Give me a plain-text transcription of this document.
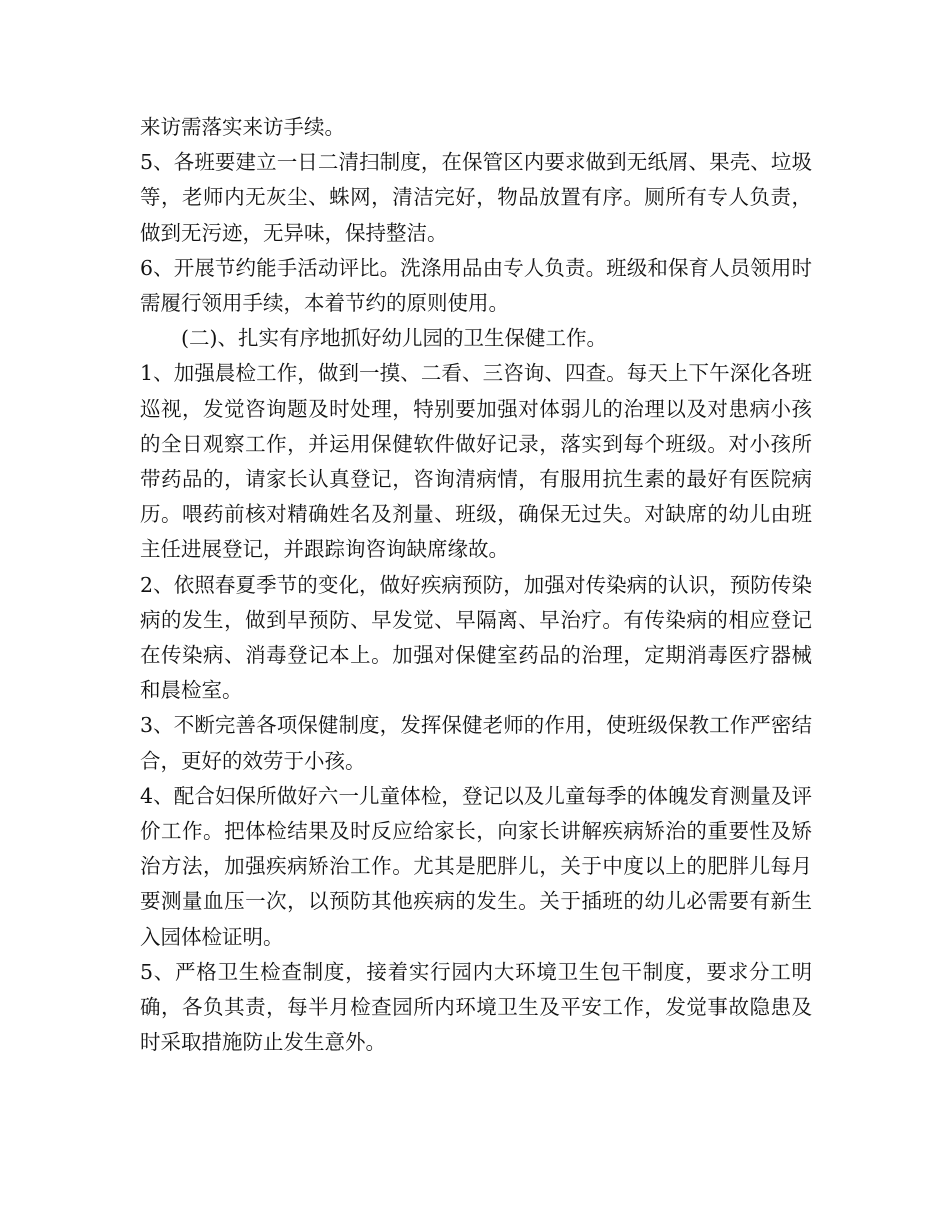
来访需落实来访手续。

5、各班要建立一日二清扫制度，在保管区内要求做到无纸屑、果壳、垃圾等，老师内无灰尘、蛛网，清洁完好，物品放置有序。厕所有专人负责，做到无污迹，无异味，保持整洁。

6、开展节约能手活动评比。洗涤用品由专人负责。班级和保育人员领用时需履行领用手续，本着节约的原则使用。

(二)、扎实有序地抓好幼儿园的卫生保健工作。

1、加强晨检工作，做到一摸、二看、三咨询、四查。每天上下午深化各班巡视，发觉咨询题及时处理，特别要加强对体弱儿的治理以及对患病小孩的全日观察工作，并运用保健软件做好记录，落实到每个班级。对小孩所带药品的，请家长认真登记，咨询清病情，有服用抗生素的最好有医院病历。喂药前核对精确姓名及剂量、班级，确保无过失。对缺席的幼儿由班主任进展登记，并跟踪询咨询缺席缘故。

2、依照春夏季节的变化，做好疾病预防，加强对传染病的认识，预防传染病的发生，做到早预防、早发觉、早隔离、早治疗。有传染病的相应登记在传染病、消毒登记本上。加强对保健室药品的治理，定期消毒医疗器械和晨检室。

3、不断完善各项保健制度，发挥保健老师的作用，使班级保教工作严密结合，更好的效劳于小孩。

4、配合妇保所做好六一儿童体检，登记以及儿童每季的体魄发育测量及评价工作。把体检结果及时反应给家长，向家长讲解疾病矫治的重要性及矫治方法，加强疾病矫治工作。尤其是肥胖儿，关于中度以上的肥胖儿每月要测量血压一次，以预防其他疾病的发生。关于插班的幼儿必需要有新生入园体检证明。

5、严格卫生检查制度，接着实行园内大环境卫生包干制度，要求分工明确，各负其责，每半月检查园所内环境卫生及平安工作，发觉事故隐患及时采取措施防止发生意外。
